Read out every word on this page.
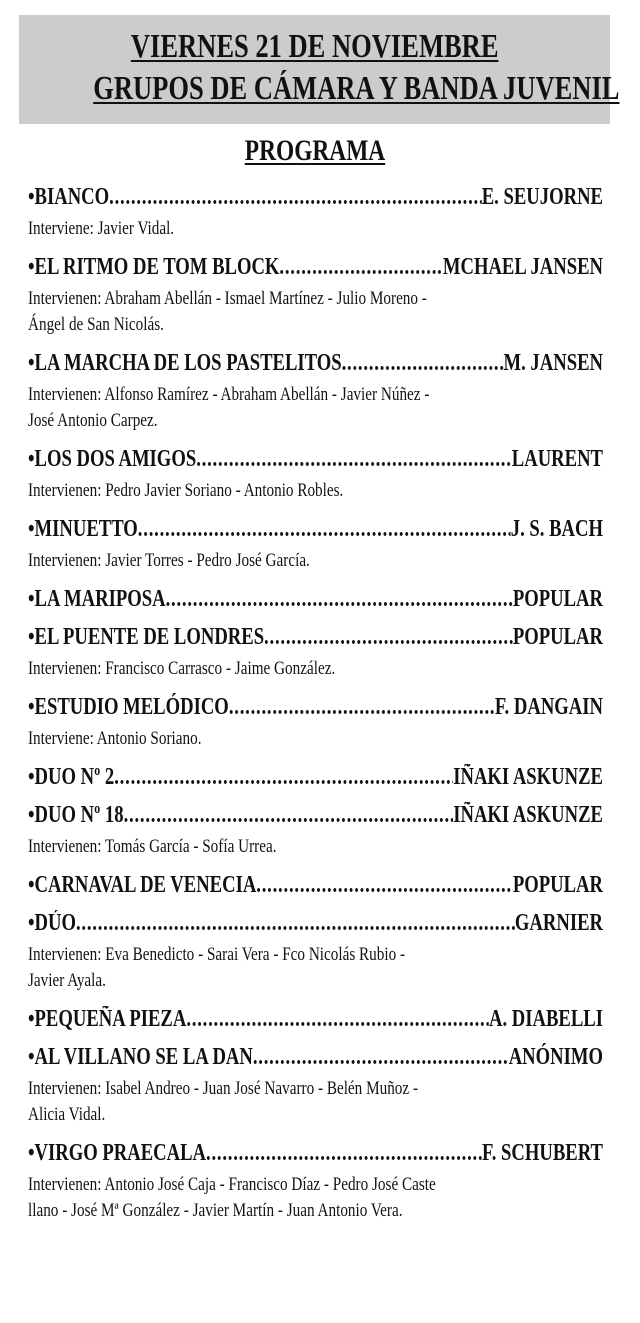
VIERNES 21 DE NOVIEMBRE
GRUPOS DE CÁMARA Y BANDA JUVENIL
PROGRAMA
• BIANCO .....	E. SEUJORNE
Interviene: Javier Vidal.
• EL RITMO DE TOM BLOCK .....	MCHAEL JANSEN
Intervienen: Abraham Abellán - Ismael Martínez - Julio Moreno -
Ángel de San Nicolás.
• LA MARCHA DE LOS PASTELITOS .....	M. JANSEN
Intervienen: Alfonso Ramírez - Abraham Abellán - Javier Núñez -
José Antonio Carpez.
• LOS DOS AMIGOS .....	LAURENT
Intervienen: Pedro Javier Soriano - Antonio Robles.
• MINUETTO .....	J. S. BACH
Intervienen: Javier Torres - Pedro José García.
• LA MARIPOSA .....	POPULAR
• EL PUENTE DE LONDRES .....	POPULAR
Intervienen: Francisco Carrasco - Jaime González.
• ESTUDIO MELÓDICO .....	F. DANGAIN
Interviene: Antonio Soriano.
• DUO Nº 2 .....	IÑAKI ASKUNZE
• DUO Nº 18 .....	IÑAKI ASKUNZE
Intervienen: Tomás García - Sofía Urrea.
• CARNAVAL DE VENECIA .....	POPULAR
• DÚO .....	GARNIER
Intervienen: Eva Benedicto - Sarai Vera - Fco Nicolás Rubio -
Javier Ayala.
• PEQUEÑA PIEZA .....	A. DIABELLI
• AL VILLANO SE LA DAN .....	ANÓNIMO
Intervienen: Isabel Andreo - Juan José Navarro - Belén Muñoz -
Alicia Vidal.
• VIRGO PRAECALA .....	F. SCHUBERT
Intervienen: Antonio José Caja - Francisco Díaz - Pedro José Caste
llano - José Mª González - Javier Martín - Juan Antonio Vera.
